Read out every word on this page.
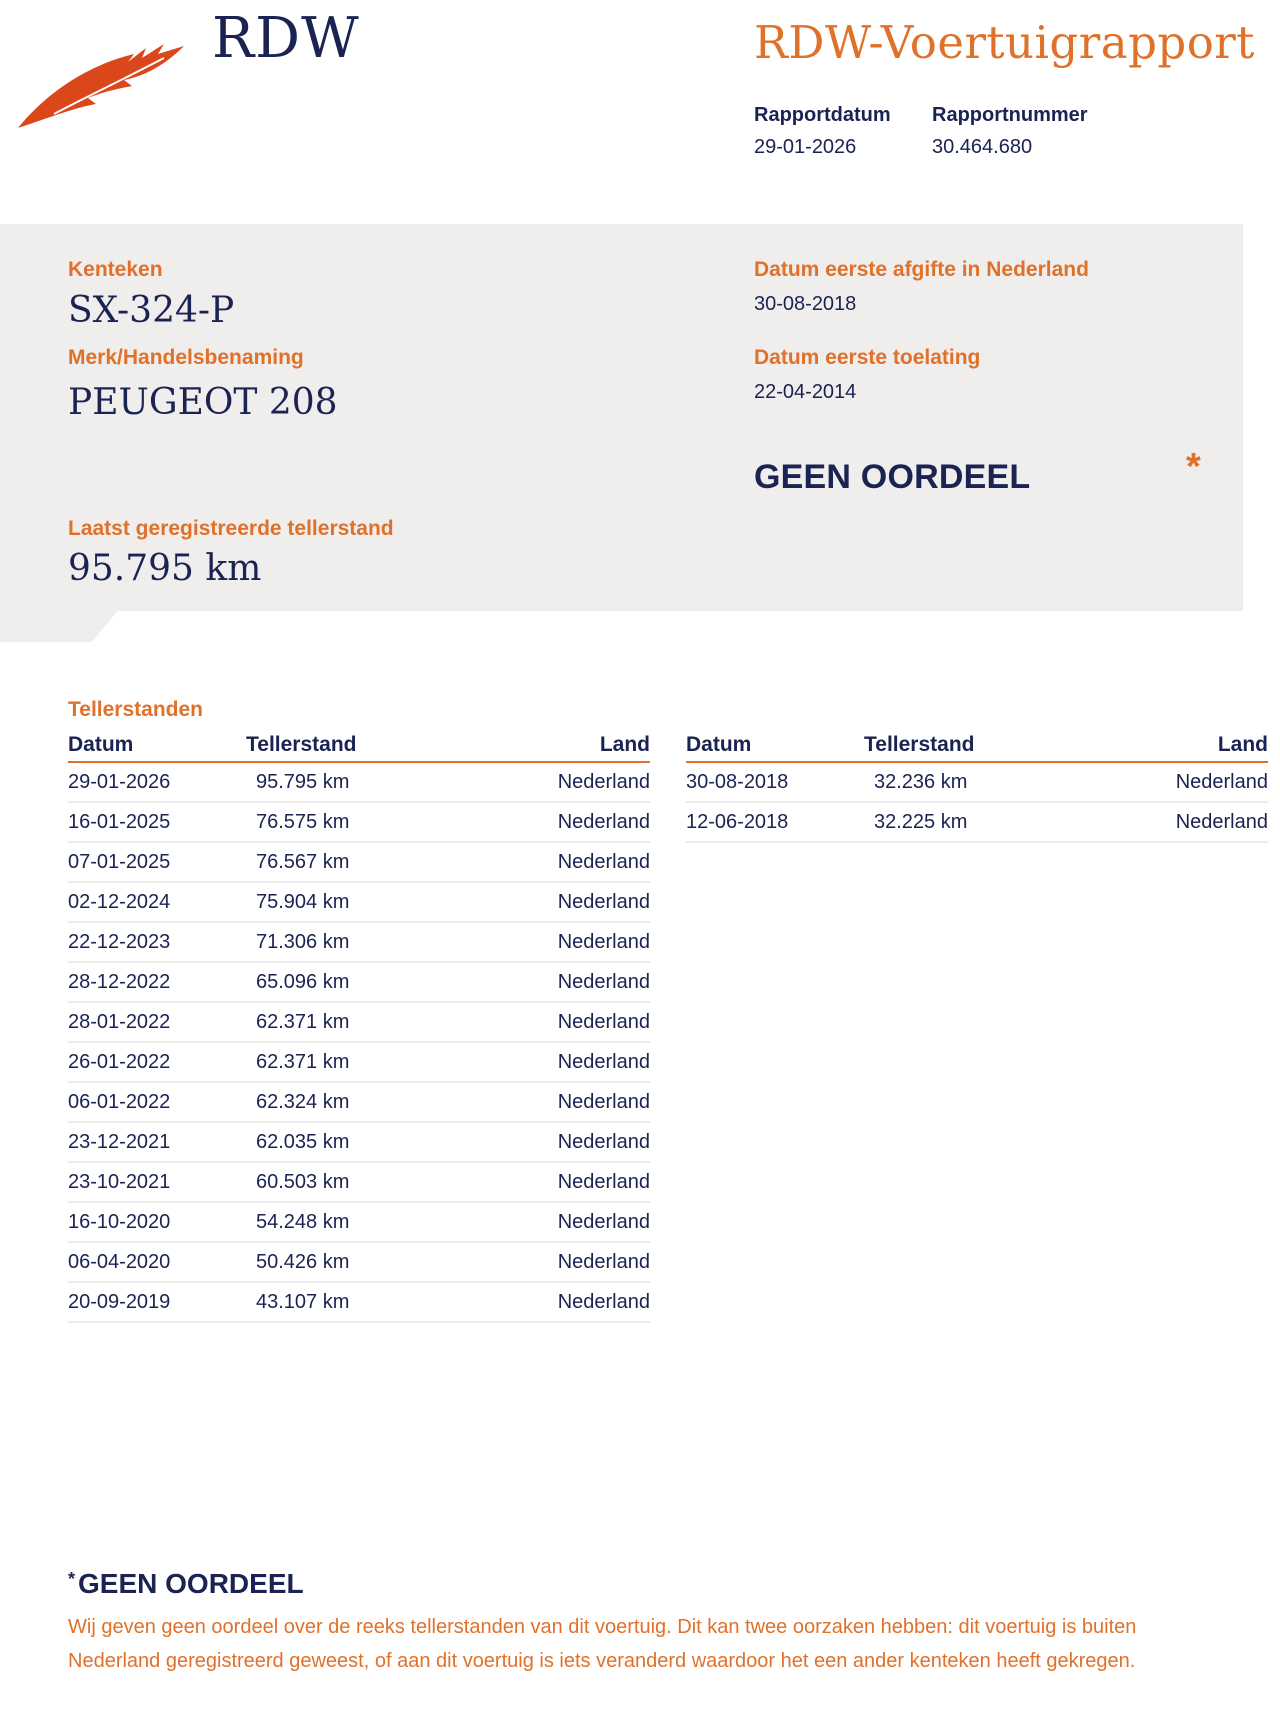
RDW	RDW-Voertuigrapport
Rapportdatum
29-01-2026
Rapportnummer
30.464.680
Kenteken
SX-324-P
Merk/Handelsbenaming
PEUGEOT 208
Datum eerste afgifte in Nederland
30-08-2018
Datum eerste toelating
22-04-2014
GEEN OORDEEL	*
Laatst geregistreerde tellerstand
95.795 km
Tellerstanden
Datum	Tellerstand	Land
29-01-2026	95.795 km	Nederland
16-01-2025	76.575 km	Nederland
07-01-2025	76.567 km	Nederland
02-12-2024	75.904 km	Nederland
22-12-2023	71.306 km	Nederland
28-12-2022	65.096 km	Nederland
28-01-2022	62.371 km	Nederland
26-01-2022	62.371 km	Nederland
06-01-2022	62.324 km	Nederland
23-12-2021	62.035 km	Nederland
23-10-2021	60.503 km	Nederland
16-10-2020	54.248 km	Nederland
06-04-2020	50.426 km	Nederland
20-09-2019	43.107 km	Nederland
Datum	Tellerstand	Land
30-08-2018	32.236 km	Nederland
12-06-2018	32.225 km	Nederland
* GEEN OORDEEL
Wij geven geen oordeel over de reeks tellerstanden van dit voertuig. Dit kan twee oorzaken hebben: dit voertuig is buiten Nederland geregistreerd geweest, of aan dit voertuig is iets veranderd waardoor het een ander kenteken heeft gekregen.
